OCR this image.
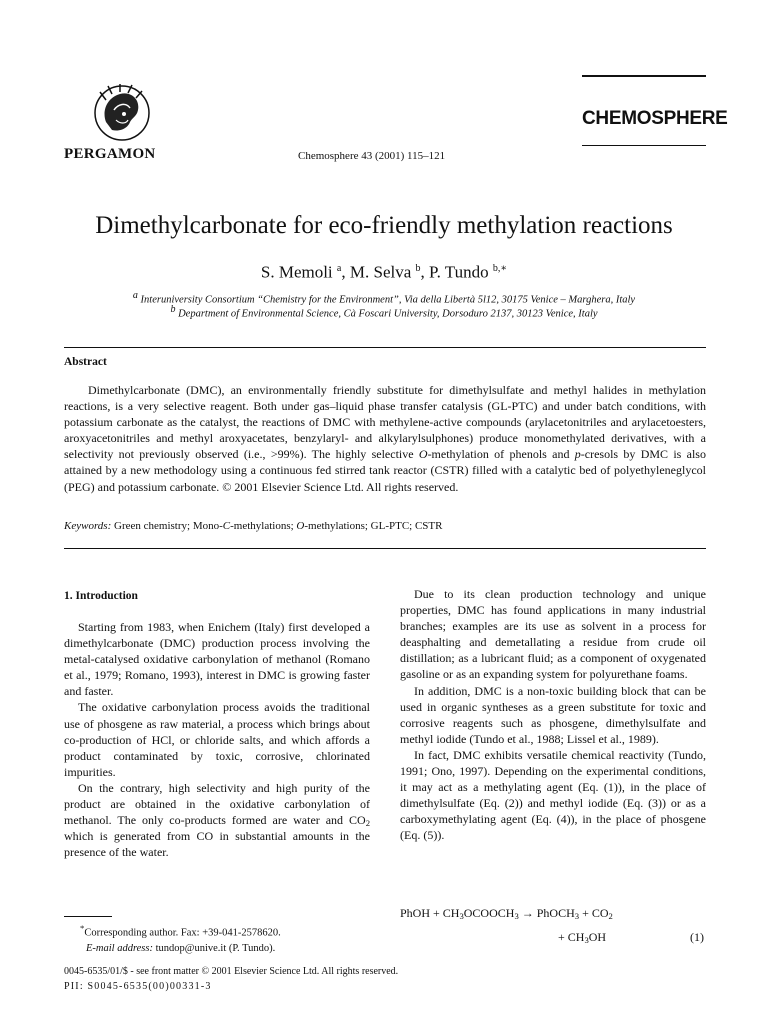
CHEMOSPHERE
PERGAMON	Chemosphere 43 (2001) 115–121
Dimethylcarbonate for eco-friendly methylation reactions
S. Memoli $^a$, M. Selva $^b$, P. Tundo $^{b,∗}$
$^a$ Interuniversity Consortium “Chemistry for the Environment”, Via della Libertà 5l12, 30175 Venice – Marghera, Italy
$^b$ Department of Environmental Science, Cà Foscari University, Dorsoduro 2137, 30123 Venice, Italy
Abstract

Dimethylcarbonate (DMC), an environmentally friendly substitute for dimethylsulfate and methyl halides in methylation reactions, is a very selective reagent. Both under gas–liquid phase transfer catalysis (GL-PTC) and under batch conditions, with potassium carbonate as the catalyst, the reactions of DMC with methylene-active compounds (arylacetonitriles and arylacetoesters, aroxyacetonitriles and methyl aroxyacetates, benzylaryl- and alkylarylsulphones) produce monomethylated derivatives, with a selectivity not previously observed (i.e., >99%). The highly selective O-methylation of phenols and p-cresols by DMC is also attained by a new methodology using a continuous fed stirred tank reactor (CSTR) filled with a catalytic bed of polyethyleneglycol (PEG) and potassium carbonate. © 2001 Elsevier Science Ltd. All rights reserved.

Keywords: Green chemistry; Mono-C-methylations; O-methylations; GL-PTC; CSTR
1. Introduction

Starting from 1983, when Enichem (Italy) first developed a dimethylcarbonate (DMC) production process involving the metal-catalysed oxidative carbonylation of methanol (Romano et al., 1979; Romano, 1993), interest in DMC is growing faster and faster.

The oxidative carbonylation process avoids the traditional use of phosgene as raw material, a process which brings about co-production of HCl, or chloride salts, and which affords a product contaminated by toxic, corrosive, chlorinated impurities.

On the contrary, high selectivity and high purity of the product are obtained in the oxidative carbonylation of methanol. The only co-products formed are water and $CO_2$ which is generated from CO in substantial amounts in the presence of the water.

Due to its clean production technology and unique properties, DMC has found applications in many industrial branches; examples are its use as solvent in a process for deasphalting and demetallating a residue from crude oil distillation; as a lubricant fluid; as a component of oxygenated gasoline or as an expanding system for polyurethane foams.

In addition, DMC is a non-toxic building block that can be used in organic syntheses as a green substitute for toxic and corrosive reagents such as phosgene, dimethylsulfate and methyl iodide (Tundo et al., 1988; Lissel et al., 1989).

In fact, DMC exhibits versatile chemical reactivity (Tundo, 1991; Ono, 1997). Depending on the experimental conditions, it may act as a methylating agent (Eq. (1)), in the place of dimethylsulfate (Eq. (2)) and methyl iodide (Eq. (3)) or as a carboxymethylating agent (Eq. (4)), in the place of phosgene (Eq. (5)).

PhOH + $CH_3OCOOCH_3$ → PhOCH$_3$ + $CO_2$
+ $CH_3OH$	(1)
*Corresponding author. Fax: +39-041-2578620.
E-mail address: tundop@unive.it (P. Tundo).
0045-6535/01/$ - see front matter © 2001 Elsevier Science Ltd. All rights reserved.
PII: S0045-6535(00)00331-3
